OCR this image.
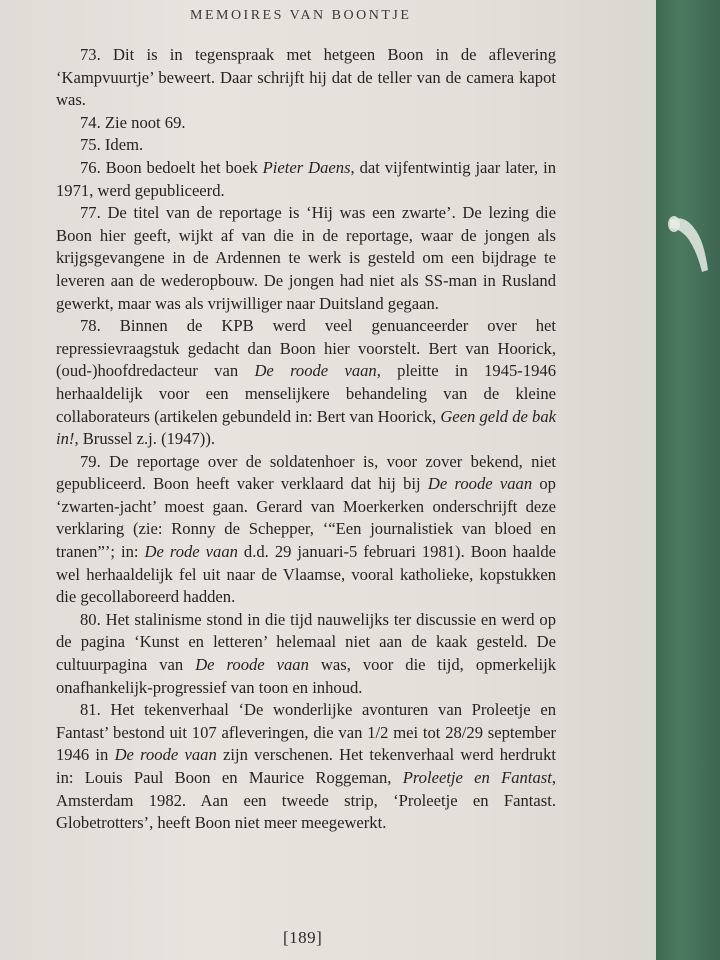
MEMOIRES VAN BOONTJE

73. Dit is in tegenspraak met hetgeen Boon in de aflevering ‘Kampvuurtje’ beweert. Daar schrijft hij dat de teller van de camera kapot was.

74. Zie noot 69.

75. Idem.

76. Boon bedoelt het boek Pieter Daens, dat vijfentwintig jaar later, in 1971, werd gepubliceerd.

77. De titel van de reportage is ‘Hij was een zwarte’. De lezing die Boon hier geeft, wijkt af van die in de reportage, waar de jongen als krijgsgevangene in de Ardennen te werk is gesteld om een bijdrage te leveren aan de wederopbouw. De jongen had niet als SS-man in Rusland gewerkt, maar was als vrijwilliger naar Duitsland gegaan.

78. Binnen de KPB werd veel genuanceerder over het repressievraagstuk gedacht dan Boon hier voorstelt. Bert van Hoorick, (oud-)hoofdredacteur van De roode vaan, pleitte in 1945-1946 herhaaldelijk voor een menselijkere behandeling van de kleine collaborateurs (artikelen gebundeld in: Bert van Hoorick, Geen geld de bak in!, Brussel z.j. (1947)).

79. De reportage over de soldatenhoer is, voor zover bekend, niet gepubliceerd. Boon heeft vaker verklaard dat hij bij De roode vaan op ‘zwarten-jacht’ moest gaan. Gerard van Moerkerken onderschrijft deze verklaring (zie: Ronny de Schepper, ‘“Een journalistiek van bloed en tranen”’; in: De rode vaan d.d. 29 januari-5 februari 1981). Boon haalde wel herhaaldelijk fel uit naar de Vlaamse, vooral katholieke, kopstukken die gecollaboreerd hadden.

80. Het stalinisme stond in die tijd nauwelijks ter discussie en werd op de pagina ‘Kunst en letteren’ helemaal niet aan de kaak gesteld. De cultuurpagina van De roode vaan was, voor die tijd, opmerkelijk onafhankelijk-progressief van toon en inhoud.

81. Het tekenverhaal ‘De wonderlijke avonturen van Proleetje en Fantast’ bestond uit 107 afleveringen, die van 1/2 mei tot 28/29 september 1946 in De roode vaan zijn verschenen. Het tekenverhaal werd herdrukt in: Louis Paul Boon en Maurice Roggeman, Proleetje en Fantast, Amsterdam 1982. Aan een tweede strip, ‘Proleetje en Fantast. Globetrotters’, heeft Boon niet meer meegewerkt.

[189]
